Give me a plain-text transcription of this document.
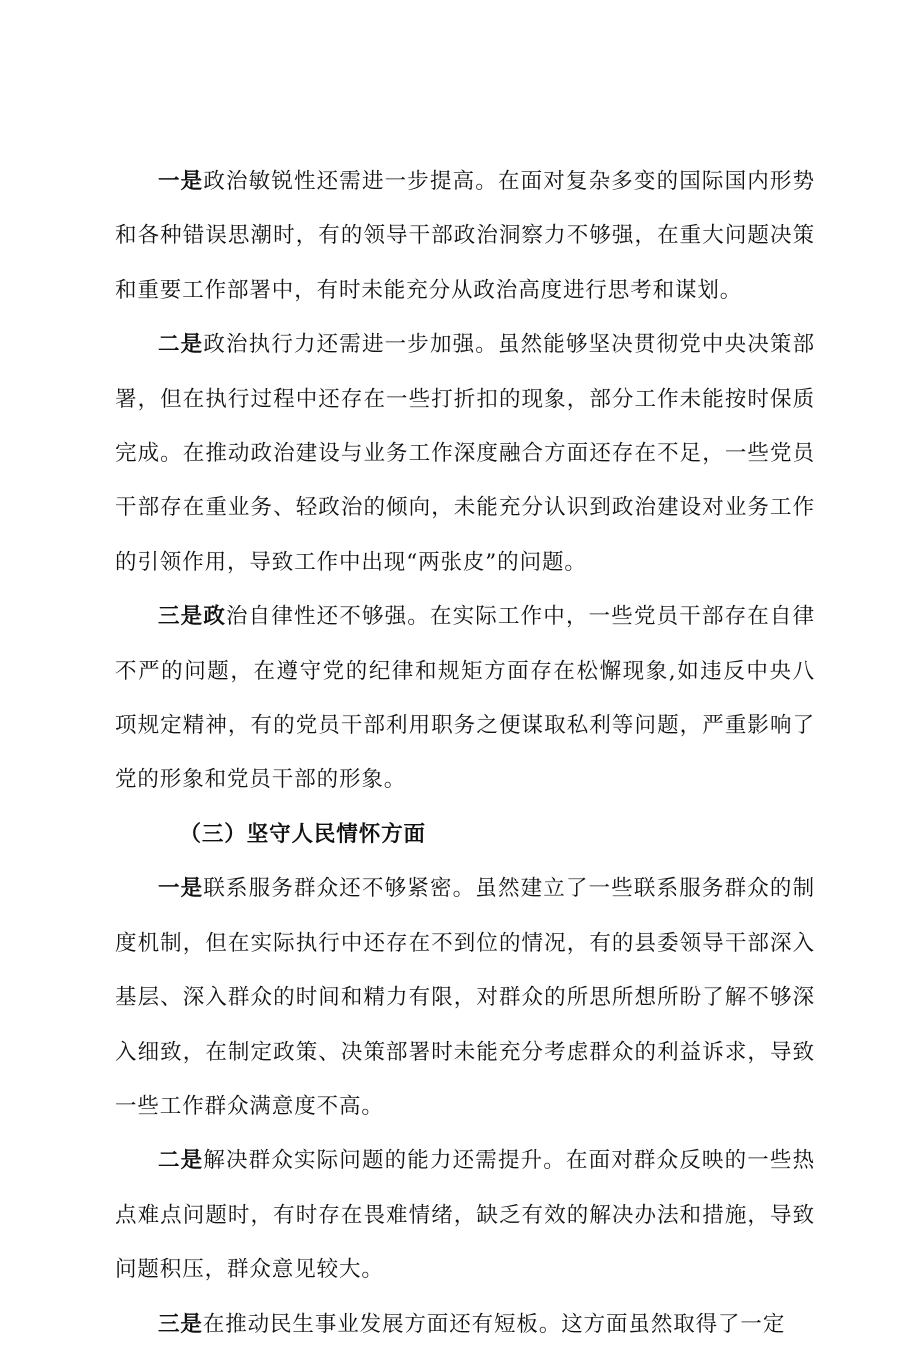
一是政治敏锐性还需进一步提高。在面对复杂多变的国际国内形势和各种错误思潮时，有的领导干部政治洞察力不够强，在重大问题决策和重要工作部署中，有时未能充分从政治高度进行思考和谋划。

二是政治执行力还需进一步加强。虽然能够坚决贯彻党中央决策部署，但在执行过程中还存在一些打折扣的现象，部分工作未能按时保质完成。在推动政治建设与业务工作深度融合方面还存在不足，一些党员干部存在重业务、轻政治的倾向，未能充分认识到政治建设对业务工作的引领作用，导致工作中出现“两张皮”的问题。

三是政治自律性还不够强。在实际工作中，一些党员干部存在自律不严的问题，在遵守党的纪律和规矩方面存在松懈现象,如违反中央八项规定精神，有的党员干部利用职务之便谋取私利等问题，严重影响了党的形象和党员干部的形象。

（三）坚守人民情怀方面

一是联系服务群众还不够紧密。虽然建立了一些联系服务群众的制度机制，但在实际执行中还存在不到位的情况，有的县委领导干部深入基层、深入群众的时间和精力有限，对群众的所思所想所盼了解不够深入细致，在制定政策、决策部署时未能充分考虑群众的利益诉求，导致一些工作群众满意度不高。

二是解决群众实际问题的能力还需提升。在面对群众反映的一些热点难点问题时，有时存在畏难情绪，缺乏有效的解决办法和措施，导致问题积压，群众意见较大。

三是在推动民生事业发展方面还有短板。这方面虽然取得了一定
